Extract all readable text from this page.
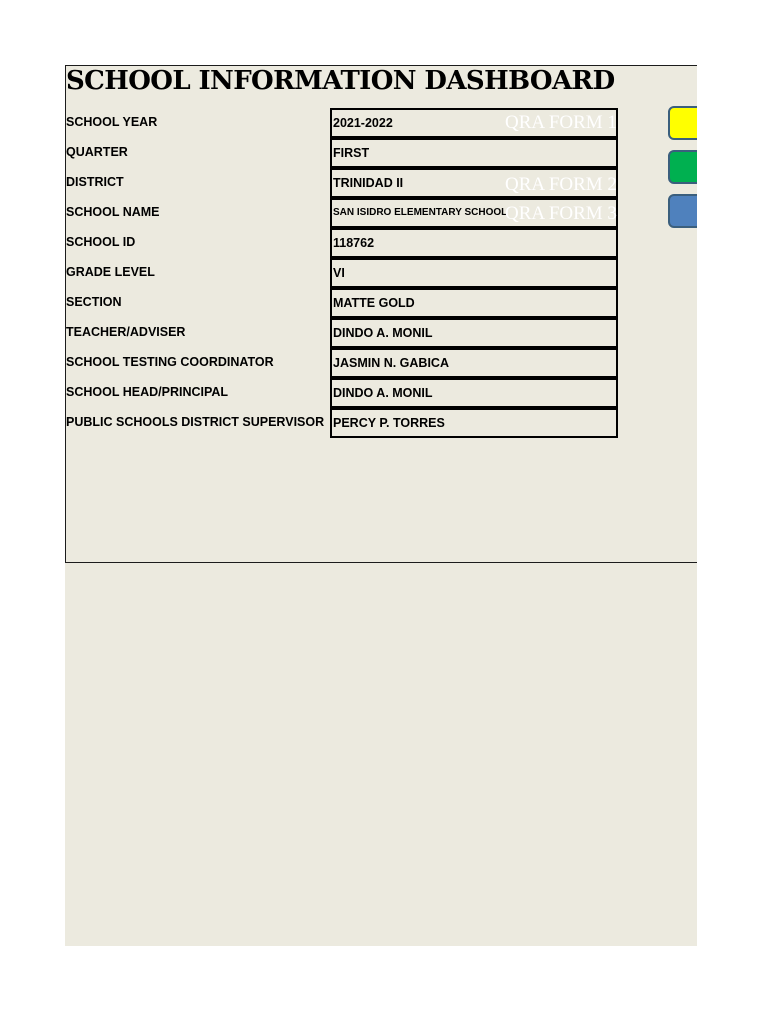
SCHOOL INFORMATION DASHBOARD
SCHOOL YEAR
QUARTER
DISTRICT
SCHOOL NAME
SCHOOL ID
GRADE LEVEL
SECTION
TEACHER/ADVISER
SCHOOL TESTING COORDINATOR
SCHOOL HEAD/PRINCIPAL
PUBLIC SCHOOLS DISTRICT SUPERVISOR
2021-2022
FIRST
TRINIDAD II
SAN ISIDRO ELEMENTARY SCHOOL
118762
VI
MATTE GOLD
DINDO A. MONIL
JASMIN N. GABICA
DINDO A. MONIL
PERCY P. TORRES
QRA FORM 1
QRA FORM 2
QRA FORM 3
